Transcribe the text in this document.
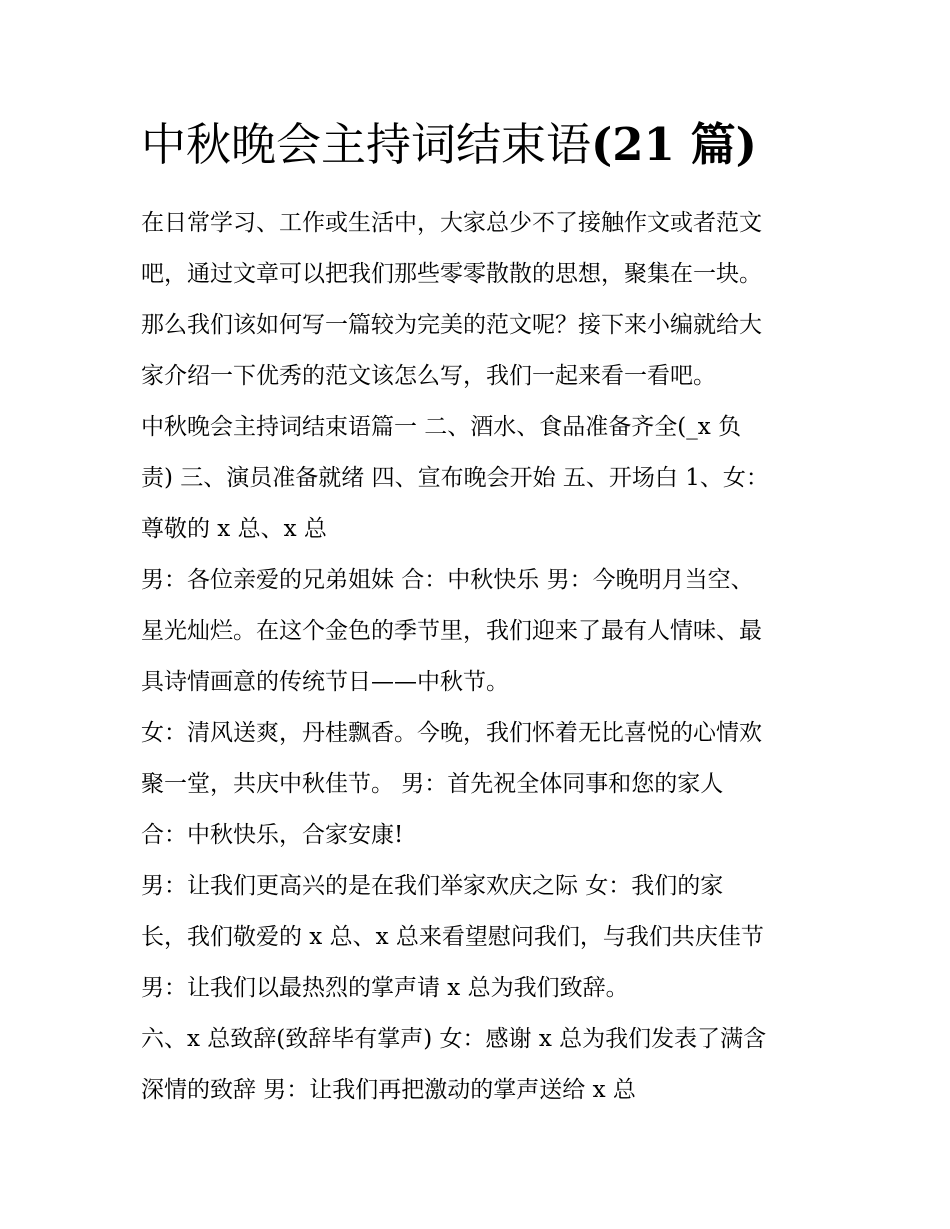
中秋晚会主持词结束语(21 篇)
在日常学习、工作或生活中，大家总少不了接触作文或者范文
吧，通过文章可以把我们那些零零散散的思想，聚集在一块。
那么我们该如何写一篇较为完美的范文呢？接下来小编就给大
家介绍一下优秀的范文该怎么写，我们一起来看一看吧。
中秋晚会主持词结束语篇一 二、酒水、食品准备齐全(_x 负
责) 三、演员准备就绪 四、宣布晚会开始 五、开场白 1、女：
尊敬的 x 总、x 总
男：各位亲爱的兄弟姐妹 合：中秋快乐 男：今晚明月当空、
星光灿烂。在这个金色的季节里，我们迎来了最有人情味、最
具诗情画意的传统节日——中秋节。
女：清风送爽，丹桂飘香。今晚，我们怀着无比喜悦的心情欢
聚一堂，共庆中秋佳节。 男：首先祝全体同事和您的家人
合：中秋快乐，合家安康!
男：让我们更高兴的是在我们举家欢庆之际 女：我们的家
长，我们敬爱的 x 总、x 总来看望慰问我们，与我们共庆佳节
男：让我们以最热烈的掌声请 x 总为我们致辞。
六、x 总致辞(致辞毕有掌声) 女：感谢 x 总为我们发表了满含
深情的致辞 男：让我们再把激动的掌声送给 x 总
